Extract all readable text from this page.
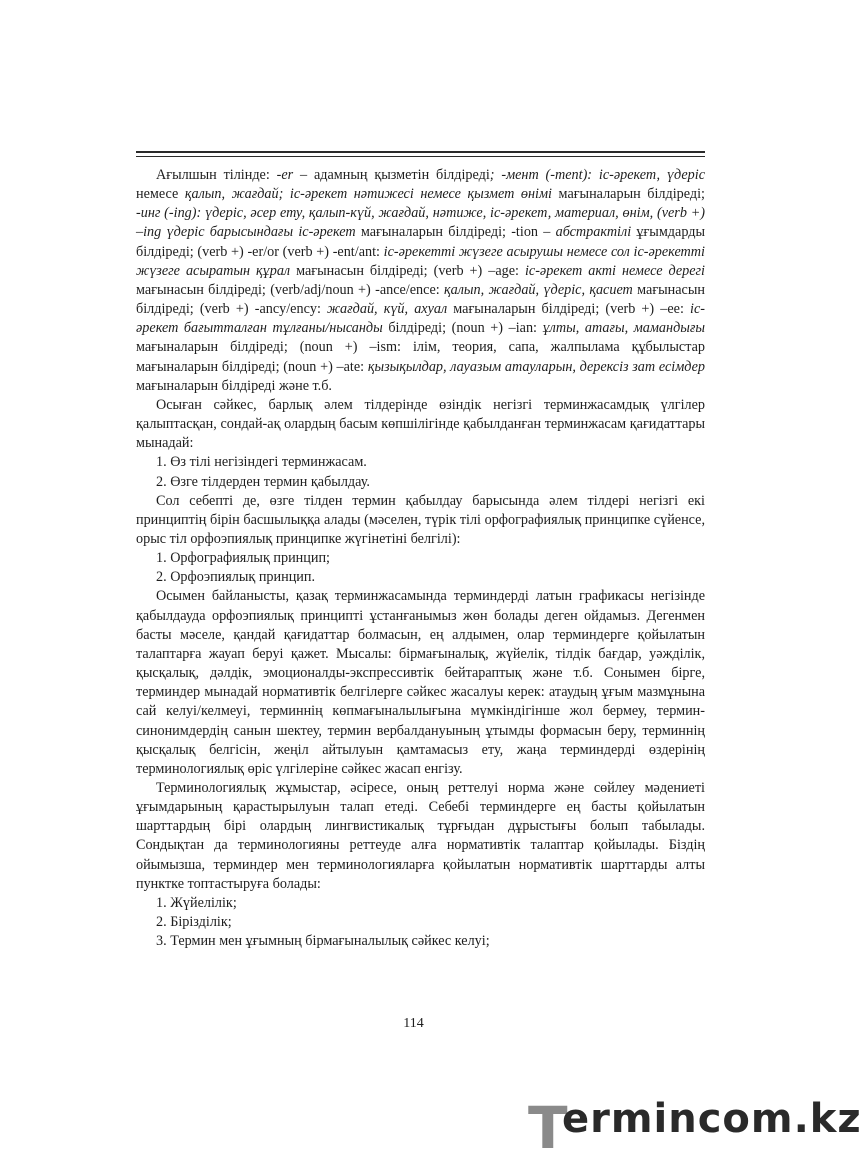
Ағылшын тілінде: -er – адамның қызметін білдіреді; -мент (-ment): іс-әрекет, үдеріс немесе қалып, жағдай; іс-әрекет нәтижесі немесе қызмет өнімі мағыналарын білдіреді; -инг (-ing): үдеріс, әсер ету, қалып-күй, жағдай, нәтиже, іс-әрекет, материал, өнім, (verb +) –ing үдеріс барысындағы іс-әрекет мағыналарын білдіреді; -tion – абстрактілі ұғымдарды білдіреді; (verb +) -er/or (verb +) -ent/ant: іс-әрекетті жүзеге асырушы немесе сол іс-әрекетті жүзеге асыратын құрал мағынасын білдіреді; (verb +) –age: іс-әрекет акті немесе дерегі мағынасын білдіреді; (verb/adj/noun +) -ance/ence: қалып, жағдай, үдеріс, қасиет мағынасын білдіреді; (verb +) -ancy/ency: жағдай, күй, ахуал мағыналарын білдіреді; (verb +) –ee: іс-әрекет бағытталған тұлғаны/нысанды білдіреді; (noun +) –ian: ұлты, атағы, мамандығы мағыналарын білдіреді; (noun +) –ism: ілім, теория, сапа, жалпылама құбылыстар мағыналарын білдіреді; (noun +) –ate: қызықылдар, лауазым атауларын, дерексіз зат есімдер мағыналарын білдіреді және т.б.

Осыған сәйкес, барлық әлем тілдерінде өзіндік негізгі терминжасамдық үлгілер қалыптасқан, сондай-ақ олардың басым көпшілігінде қабылданған терминжасам қағидаттары мынадай:

1. Өз тілі негізіндегі терминжасам.

2. Өзге тілдерден термин қабылдау.

Сол себепті де, өзге тілден термин қабылдау барысында әлем тілдері негізгі екі принциптің бірін басшылыққа алады (мәселен, түрік тілі орфографиялық принципке сүйенсе, орыс тіл орфоэпиялық принципке жүгінетіні белгілі):

1. Орфографиялық принцип;

2. Орфоэпиялық принцип.

Осымен байланысты, қазақ терминжасамында терминдерді латын графикасы негізінде қабылдауда орфоэпиялық принципті ұстанғанымыз жөн болады деген ойдамыз. Дегенмен басты мәселе, қандай қағидаттар болмасын, ең алдымен, олар терминдерге қойылатын талаптарға жауап беруі қажет. Мысалы: бірмағыналық, жүйелік, тілдік бағдар, уәжділік, қысқалық, дәлдік, эмоционалды-экспрессивтік бейтараптық және т.б. Сонымен бірге, терминдер мынадай нормативтік белгілерге сәйкес жасалуы керек: атаудың ұғым мазмұнына сай келуі/келмеуі, терминнің көпмағыналылығына мүмкіндігінше жол бермеу, термин-синонимдердің санын шектеу, термин вербалдануының ұтымды формасын беру, терминнің қысқалық белгісін, жеңіл айтылуын қамтамасыз ету, жаңа терминдерді өздерінің терминологиялық өріс үлгілеріне сәйкес жасап енгізу.

Терминологиялық жұмыстар, әсіресе, оның реттелуі норма және сөйлеу мәдениеті ұғымдарының қарастырылуын талап етеді. Себебі терминдерге ең басты қойылатын шарттардың бірі олардың лингвистикалық тұрғыдан дұрыстығы болып табылады. Сондықтан да терминологияны реттеуде алға нормативтік талаптар қойылады. Біздің ойымызша, терминдер мен терминологияларға қойылатын нормативтік шарттарды алты пунктке топтастыруға болады:

1. Жүйелілік;

2. Біріздiлік;

3. Термин мен ұғымның бірмағыналылық сәйкес келуі;

114
T
ermincom.kz
